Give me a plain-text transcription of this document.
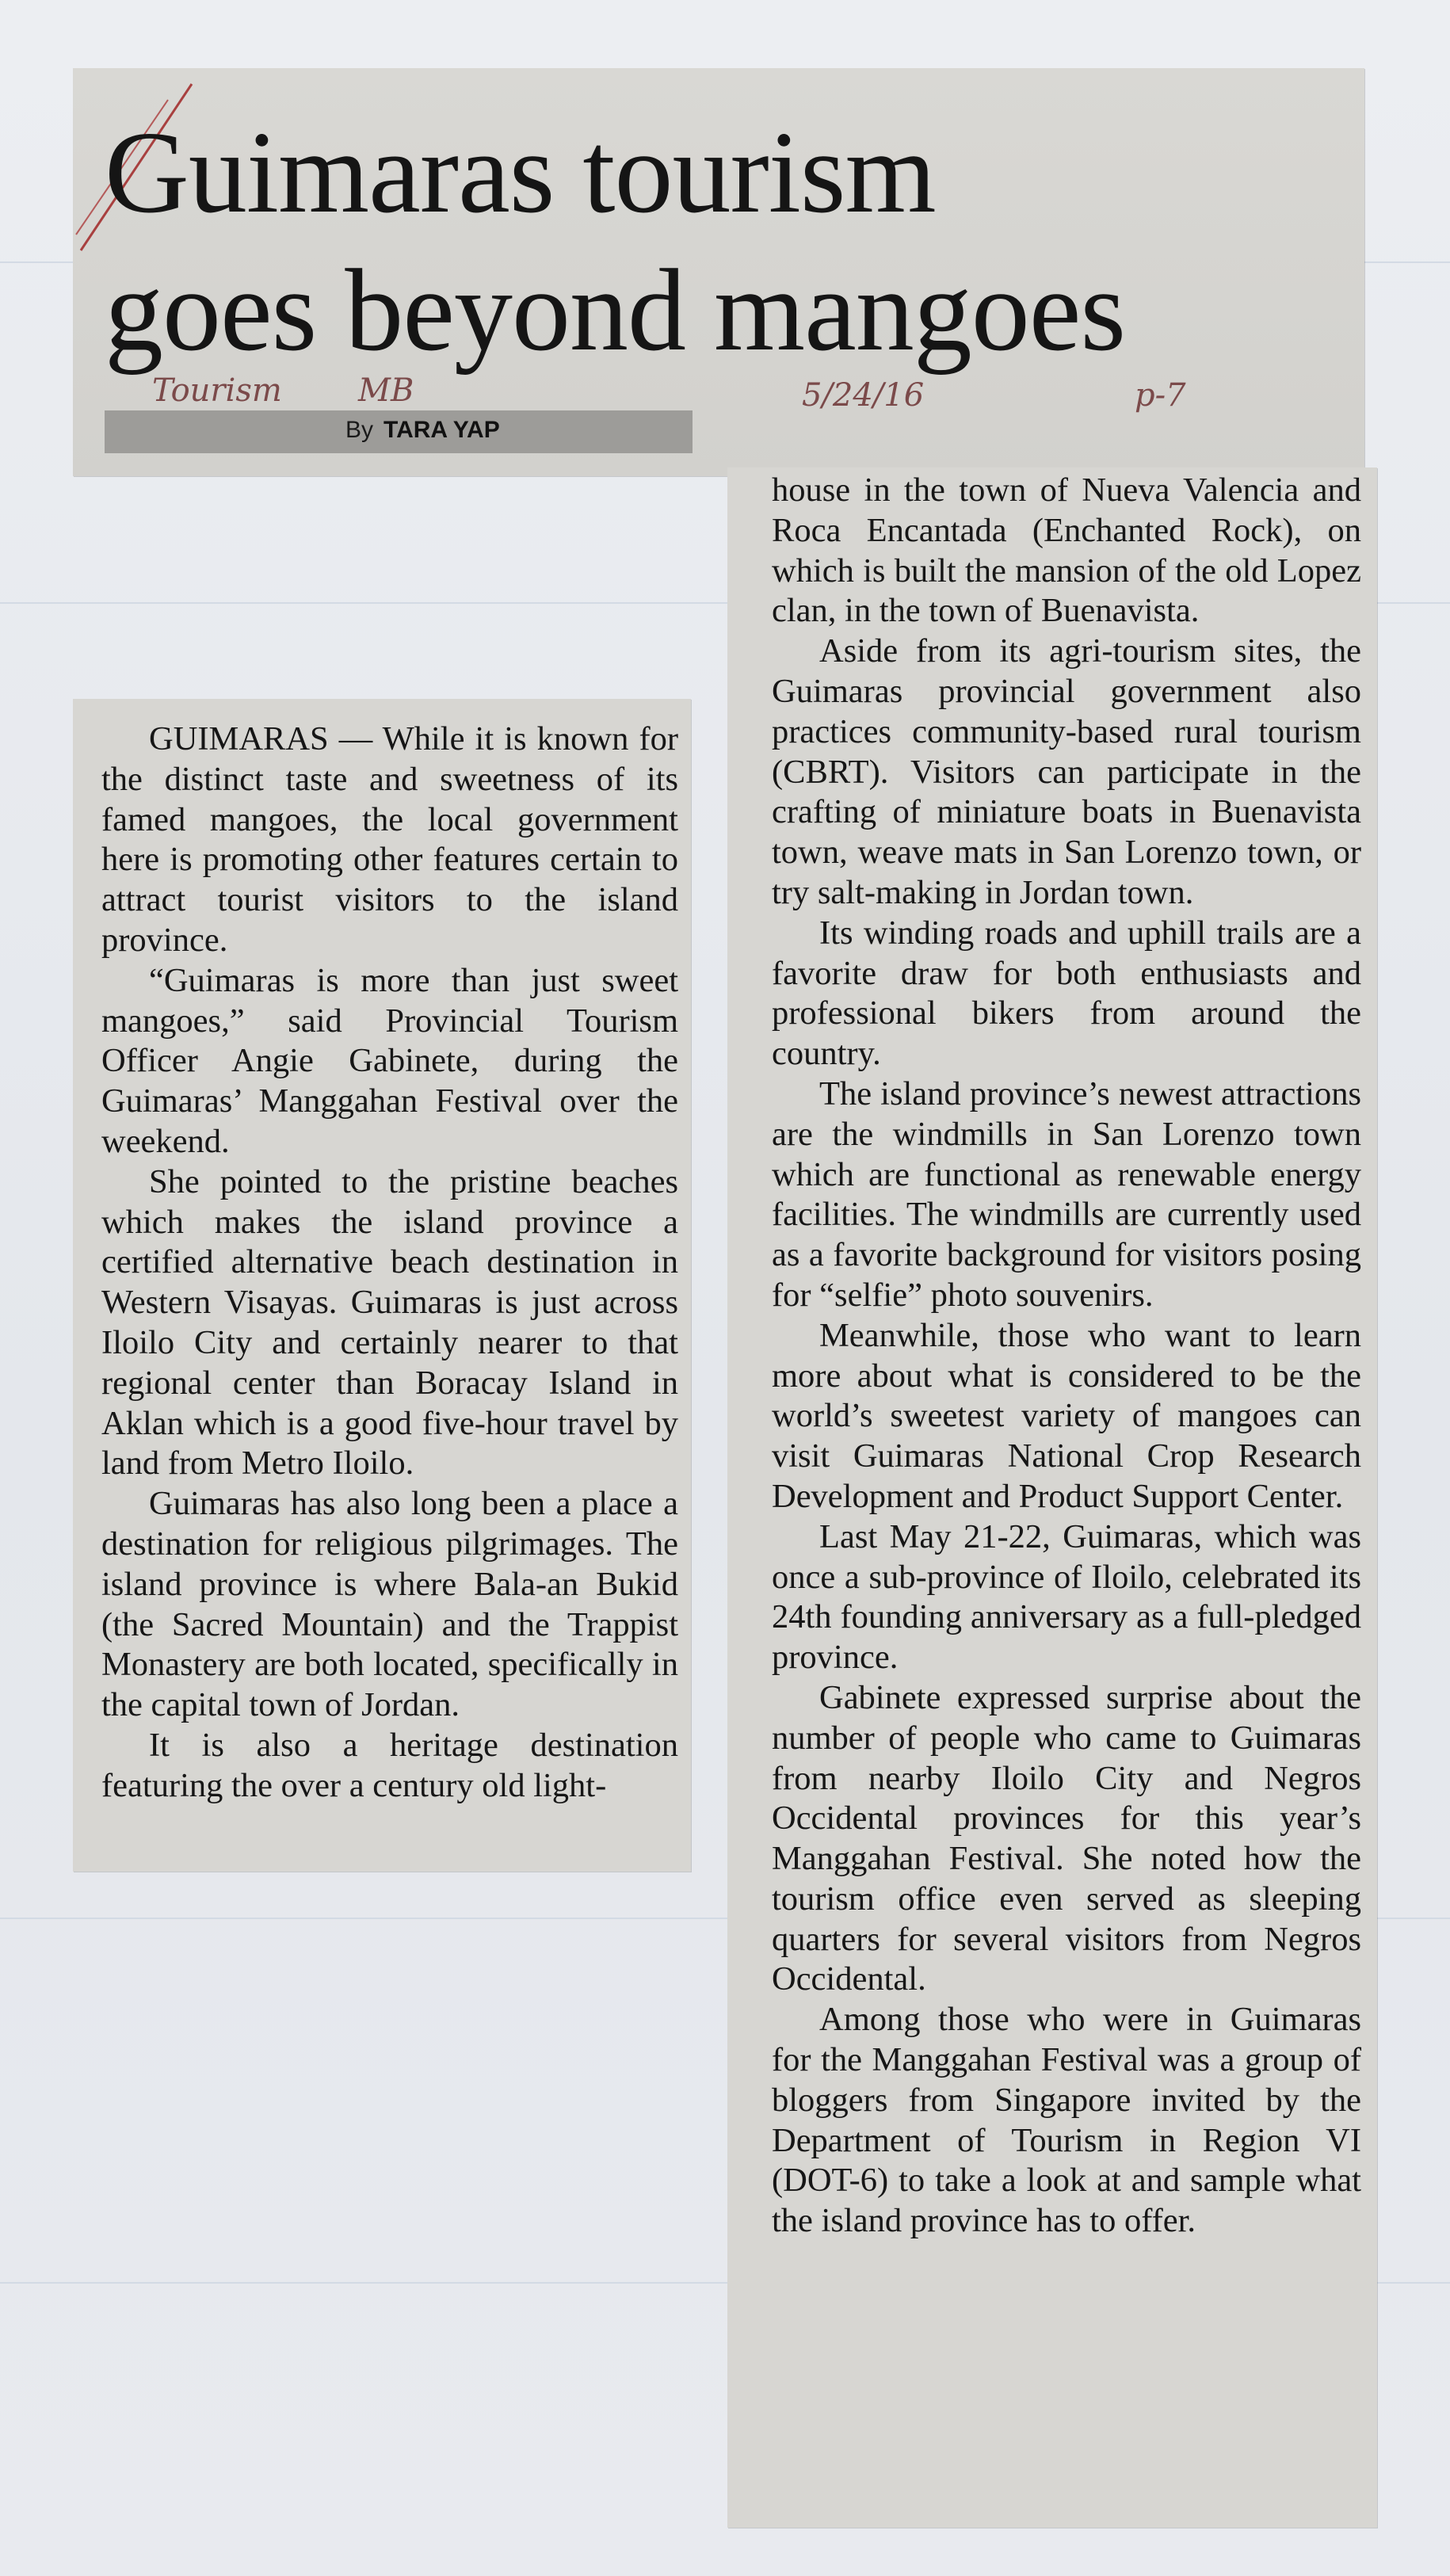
Guimaras tourism
goes beyond mangoes
Tourism MB	5/24/16	p-7
By TARA YAP

GUIMARAS — While it is known for the distinct taste and sweetness of its famed mangoes, the local government here is promoting other features certain to attract tourist visitors to the island province.

“Guimaras is more than just sweet mangoes,” said Provincial Tourism Officer Angie Gabinete, during the Guimaras’ Manggahan Festival over the weekend.

She pointed to the pristine beaches which makes the island province a certified alternative beach destination in Western Visayas. Guimaras is just across Iloilo City and certainly nearer to that regional center than Boracay Island in Aklan which is a good five-hour travel by land from Metro Iloilo.

Guimaras has also long been a place a destination for religious pilgrimages. The island province is where Bala-an Bukid (the Sacred Mountain) and the Trappist Monastery are both located, specifically in the capital town of Jordan.

It is also a heritage destination featuring the over a century old light-

house in the town of Nueva Valencia and Roca Encantada (Enchanted Rock), on which is built the mansion of the old Lopez clan, in the town of Buenavista.

Aside from its agri-tourism sites, the Guimaras provincial government also practices community-based rural tourism (CBRT). Visitors can participate in the crafting of miniature boats in Buenavista town, weave mats in San Lorenzo town, or try salt-making in Jordan town.

Its winding roads and uphill trails are a favorite draw for both enthusiasts and professional bikers from around the country.

The island province’s newest attractions are the windmills in San Lorenzo town which are functional as renewable energy facilities. The windmills are currently used as a favorite background for visitors posing for “selfie” photo souvenirs.

Meanwhile, those who want to learn more about what is considered to be the world’s sweetest variety of mangoes can visit Guimaras National Crop Research Development and Product Support Center.

Last May 21-22, Guimaras, which was once a sub-province of Iloilo, celebrated its 24th founding anniversary as a full-pledged province.

Gabinete expressed surprise about the number of people who came to Guimaras from nearby Iloilo City and Negros Occidental provinces for this year’s Manggahan Festival. She noted how the tourism office even served as sleeping quarters for several visitors from Negros Occidental.

Among those who were in Guimaras for the Manggahan Festival was a group of bloggers from Singapore invited by the Department of Tourism in Region VI (DOT-6) to take a look at and sample what the island province has to offer.
